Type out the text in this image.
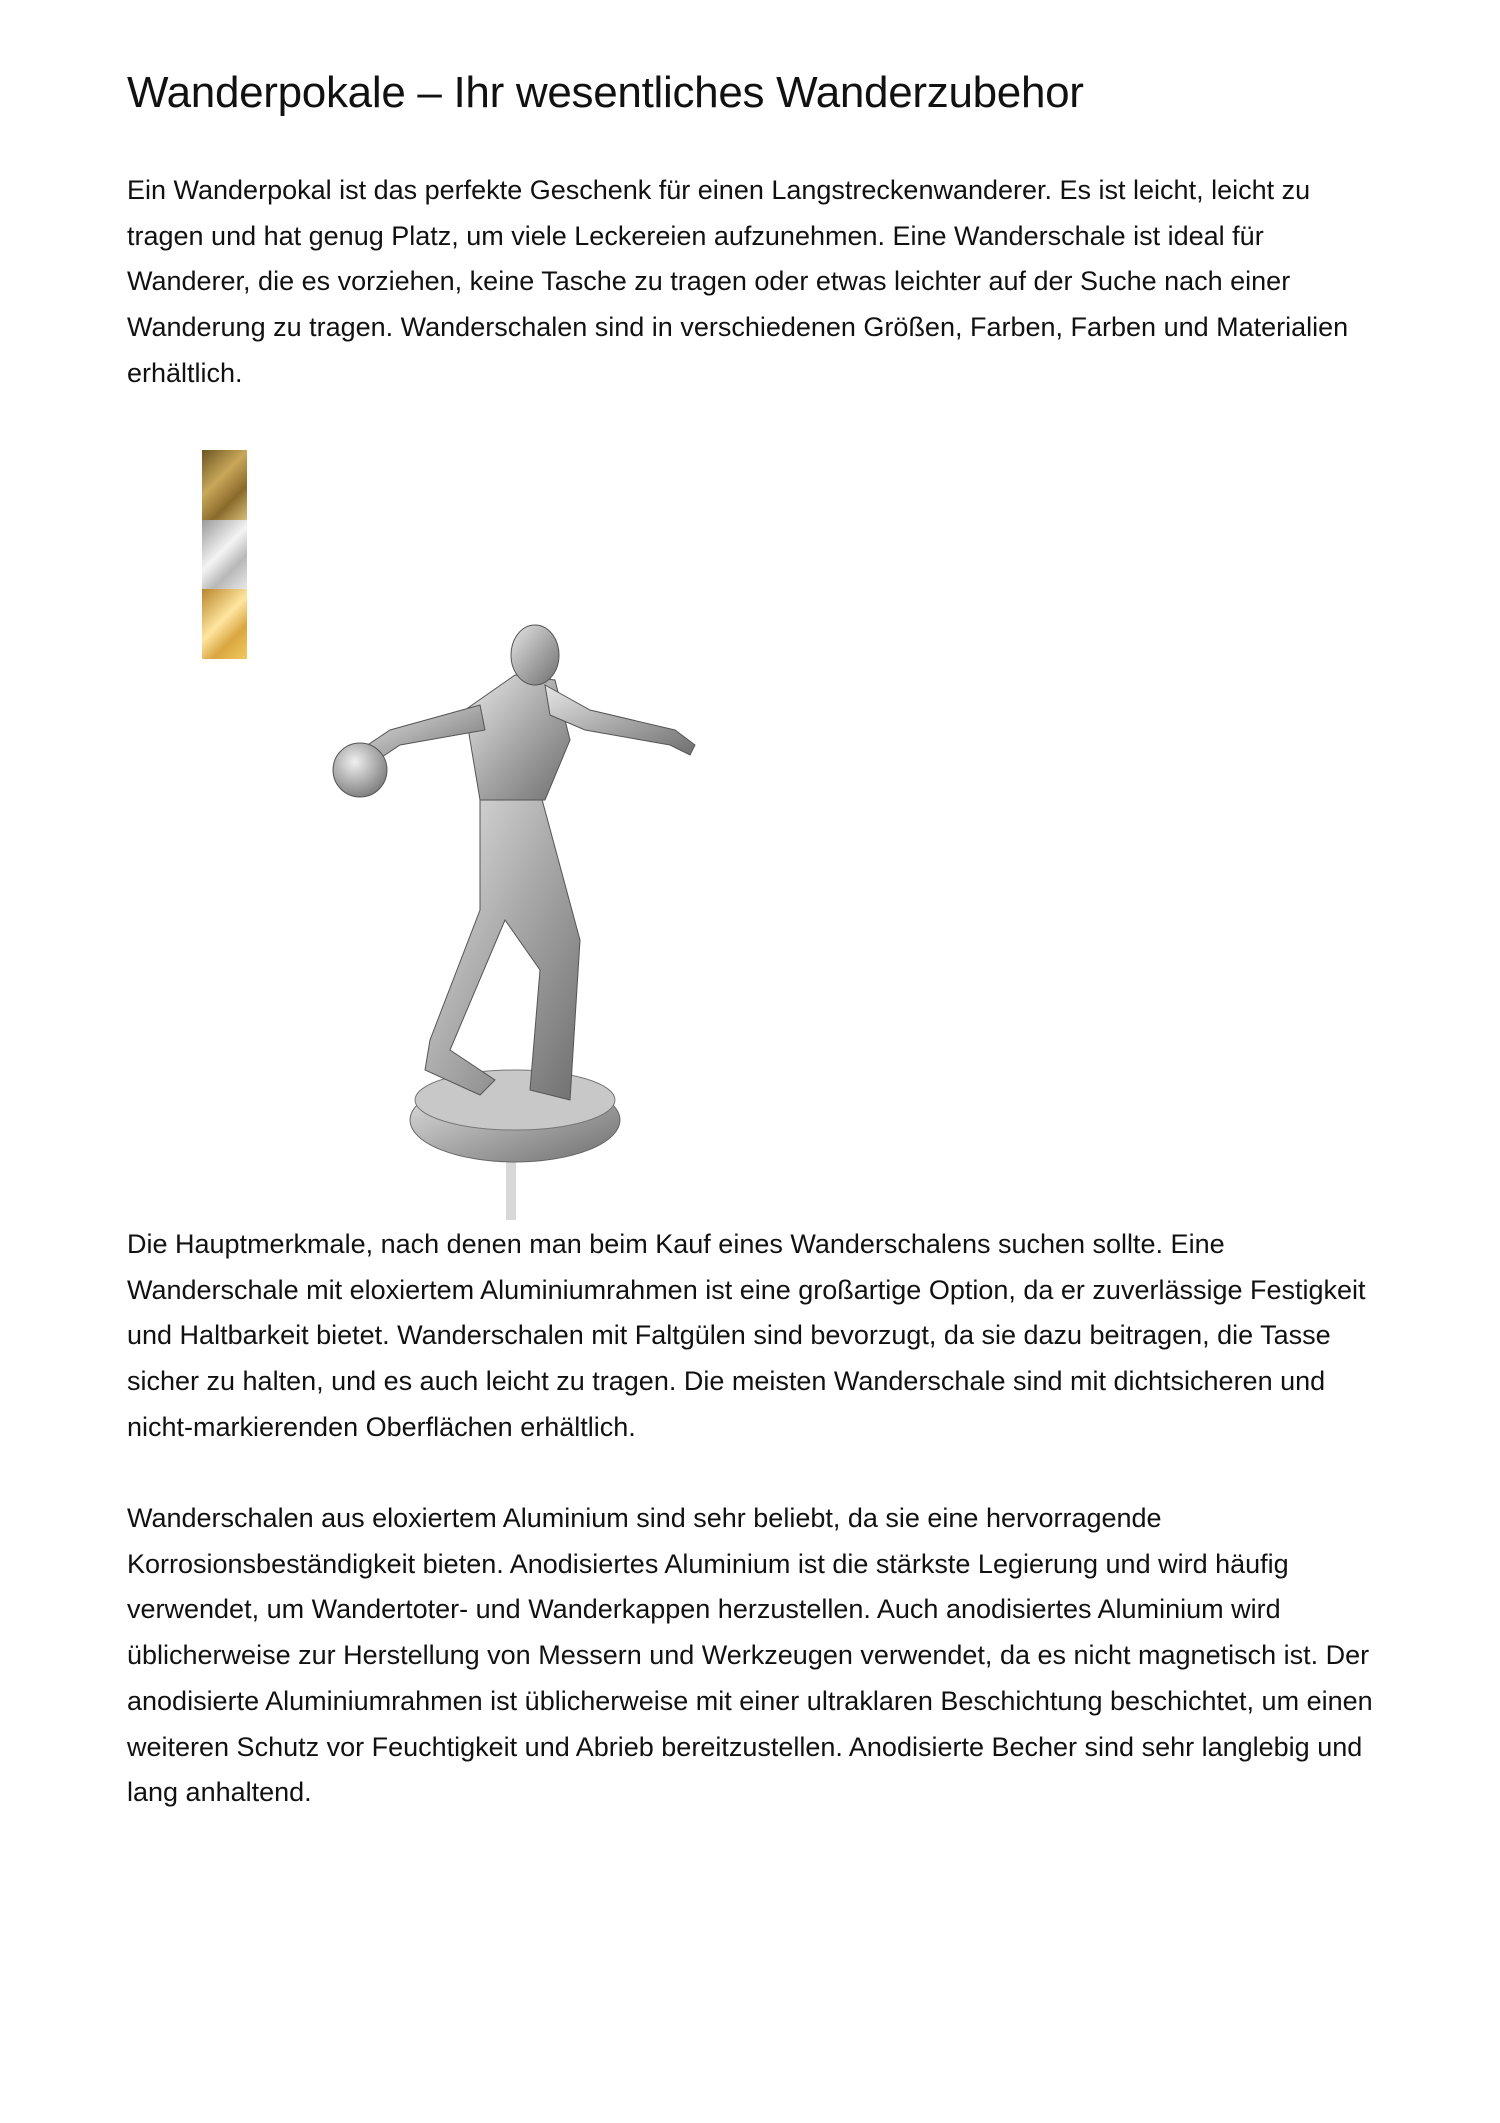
Wanderpokale – Ihr wesentliches Wanderzubehor

Ein Wanderpokal ist das perfekte Geschenk für einen Langstreckenwanderer. Es ist leicht, leicht zu tragen und hat genug Platz, um viele Leckereien aufzunehmen. Eine Wanderschale ist ideal für Wanderer, die es vorziehen, keine Tasche zu tragen oder etwas leichter auf der Suche nach einer Wanderung zu tragen. Wanderschalen sind in verschiedenen Größen, Farben, Farben und Materialien erhältlich.

Die Hauptmerkmale, nach denen man beim Kauf eines Wanderschalens suchen sollte. Eine Wanderschale mit eloxiertem Aluminiumrahmen ist eine großartige Option, da er zuverlässige Festigkeit und Haltbarkeit bietet. Wanderschalen mit Faltgülen sind bevorzugt, da sie dazu beitragen, die Tasse sicher zu halten, und es auch leicht zu tragen. Die meisten Wanderschale sind mit dichtsicheren und nicht-markierenden Oberflächen erhältlich.

Wanderschalen aus eloxiertem Aluminium sind sehr beliebt, da sie eine hervorragende Korrosionsbeständigkeit bieten. Anodisiertes Aluminium ist die stärkste Legierung und wird häufig verwendet, um Wandertoter- und Wanderkappen herzustellen. Auch anodisiertes Aluminium wird üblicherweise zur Herstellung von Messern und Werkzeugen verwendet, da es nicht magnetisch ist. Der anodisierte Aluminiumrahmen ist üblicherweise mit einer ultraklaren Beschichtung beschichtet, um einen weiteren Schutz vor Feuchtigkeit und Abrieb bereitzustellen. Anodisierte Becher sind sehr langlebig und lang anhaltend.
